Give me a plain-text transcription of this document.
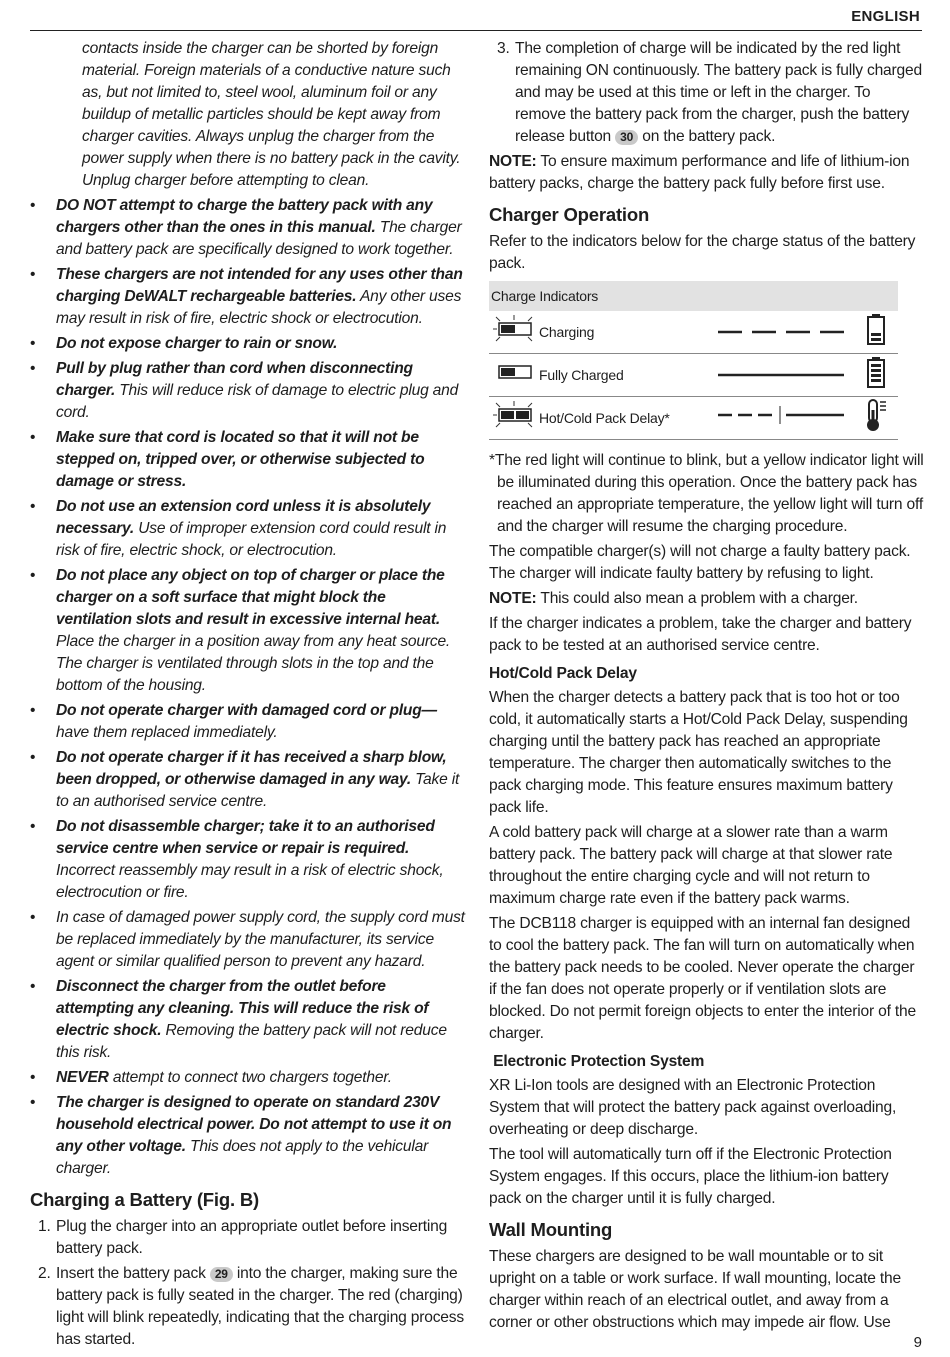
ENGLISH

contacts inside the charger can be shorted by foreign material. Foreign materials of a conductive nature such as, but not limited to, steel wool, aluminum foil or any buildup of metallic particles should be kept away from charger cavities. Always unplug the charger from the power supply when there is no battery pack in the cavity. Unplug charger before attempting to clean.

• DO NOT attempt to charge the battery pack with any chargers other than the ones in this manual. The charger and battery pack are specifically designed to work together.
• These chargers are not intended for any uses other than charging DeWALT rechargeable batteries. Any other uses may result in risk of fire, electric shock or electrocution.
• Do not expose charger to rain or snow.
• Pull by plug rather than cord when disconnecting charger. This will reduce risk of damage to electric plug and cord.
• Make sure that cord is located so that it will not be stepped on, tripped over, or otherwise subjected to damage or stress.
• Do not use an extension cord unless it is absolutely necessary. Use of improper extension cord could result in risk of fire, electric shock, or electrocution.
• Do not place any object on top of charger or place the charger on a soft surface that might block the ventilation slots and result in excessive internal heat. Place the charger in a position away from any heat source. The charger is ventilated through slots in the top and the bottom of the housing.
• Do not operate charger with damaged cord or plug—have them replaced immediately.
• Do not operate charger if it has received a sharp blow, been dropped, or otherwise damaged in any way. Take it to an authorised service centre.
• Do not disassemble charger; take it to an authorised service centre when service or repair is required. Incorrect reassembly may result in a risk of electric shock, electrocution or fire.
• In case of damaged power supply cord, the supply cord must be replaced immediately by the manufacturer, its service agent or similar qualified person to prevent any hazard.
• Disconnect the charger from the outlet before attempting any cleaning. This will reduce the risk of electric shock. Removing the battery pack will not reduce this risk.
• NEVER attempt to connect two chargers together.
• The charger is designed to operate on standard 230V household electrical power. Do not attempt to use it on any other voltage. This does not apply to the vehicular charger.
Charging a Battery (Fig. B)
1. Plug the charger into an appropriate outlet before inserting battery pack.
2. Insert the battery pack 29 into the charger, making sure the battery pack is fully seated in the charger. The red (charging) light will blink repeatedly, indicating that the charging process has started.
3. The completion of charge will be indicated by the red light remaining ON continuously. The battery pack is fully charged and may be used at this time or left in the charger. To remove the battery pack from the charger, push the battery release button 30 on the battery pack.

NOTE: To ensure maximum performance and life of lithium-ion battery packs, charge the battery pack fully before first use.

Charger Operation

Refer to the indicators below for the charge status of the battery pack.

Charge Indicators			
	Charging		
	Fully Charged		
	Hot/Cold Pack Delay*		

*The red light will continue to blink, but a yellow indicator light will be illuminated during this operation. Once the battery pack has reached an appropriate temperature, the yellow light will turn off and the charger will resume the charging procedure.

The compatible charger(s) will not charge a faulty battery pack. The charger will indicate faulty battery by refusing to light.

NOTE: This could also mean a problem with a charger.

If the charger indicates a problem, take the charger and battery pack to be tested at an authorised service centre.

Hot/Cold Pack Delay

When the charger detects a battery pack that is too hot or too cold, it automatically starts a Hot/Cold Pack Delay, suspending charging until the battery pack has reached an appropriate temperature. The charger then automatically switches to the pack charging mode. This feature ensures maximum battery pack life.

A cold battery pack will charge at a slower rate than a warm battery pack. The battery pack will charge at that slower rate throughout the entire charging cycle and will not return to maximum charge rate even if the battery pack warms.

The DCB118 charger is equipped with an internal fan designed to cool the battery pack. The fan will turn on automatically when the battery pack needs to be cooled. Never operate the charger if the fan does not operate properly or if ventilation slots are blocked. Do not permit foreign objects to enter the interior of the charger.

Electronic Protection System

XR Li-Ion tools are designed with an Electronic Protection System that will protect the battery pack against overloading, overheating or deep discharge.

The tool will automatically turn off if the Electronic Protection System engages. If this occurs, place the lithium-ion battery pack on the charger until it is fully charged.

Wall Mounting

These chargers are designed to be wall mountable or to sit upright on a table or work surface. If wall mounting, locate the charger within reach of an electrical outlet, and away from a corner or other obstructions which may impede air flow. Use

9
